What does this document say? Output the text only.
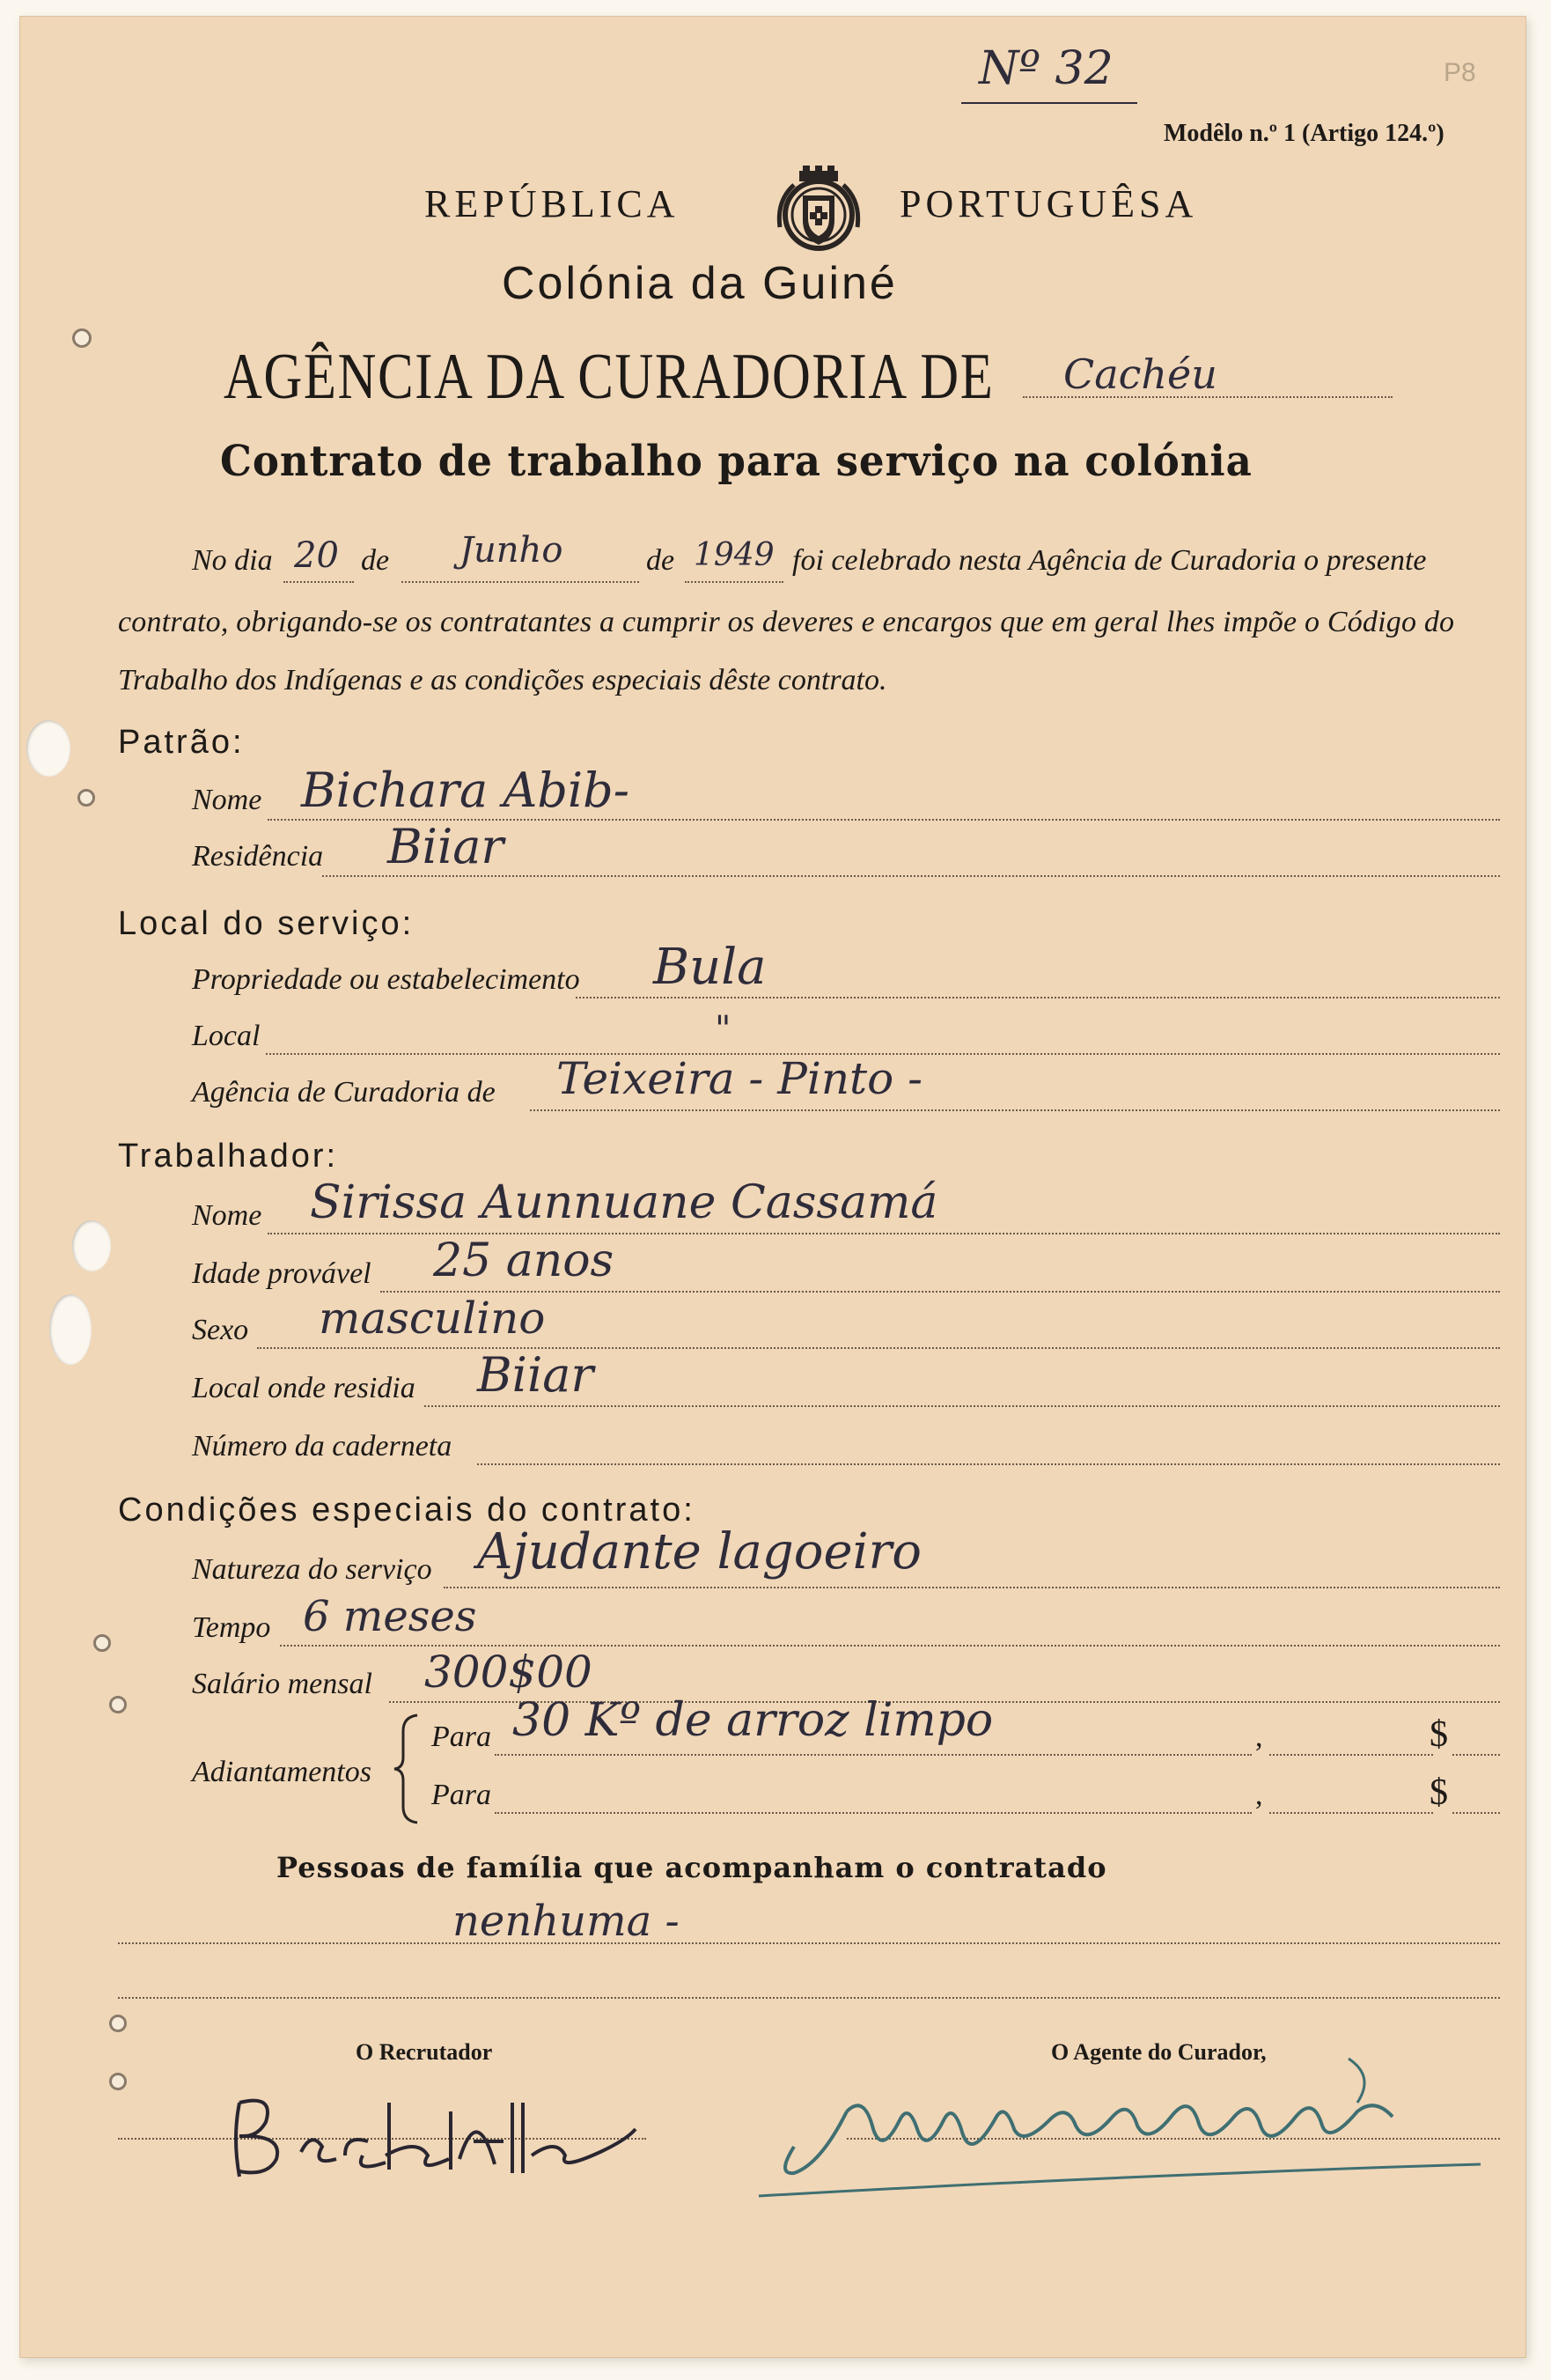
Nº 32	P8
Modêlo n.º 1 (Artigo 124.º)
REPÚBLICA	PORTUGUÊSA
Colónia da Guiné
AGÊNCIA DA CURADORIA DE Cachéu
Contrato de trabalho para serviço na colónia
No dia 20 de Junho	de 1949 foi celebrado nesta Agência de Curadoria o presente
contrato, obrigando-se os contratantes a cumprir os deveres e encargos que em geral lhes impõe o Código do
Trabalho dos Indígenas e as condições especiais dêste contrato.
Patrão:
Nome Bichara Abib-
Residência Biiar
Local do serviço:
Propriedade ou estabelecimento Bula
Local	"
Agência de Curadoria de Teixeira - Pinto -
Trabalhador:
Nome Sirissa Aunnuane Cassamá
Idade provável 25 anos
Sexo masculino
Local onde residia Biiar
Número da caderneta
Condições especiais do contrato:
Natureza do serviço Ajudante lagoeiro
Tempo 6 meses
Salário mensal 300$00
Adiantamentos
Para 30 Kº de arroz limpo	,	$
Para	,	$
Pessoas de família que acompanham o contratado
nenhuma -
O Recrutador	O Agente do Curador,
